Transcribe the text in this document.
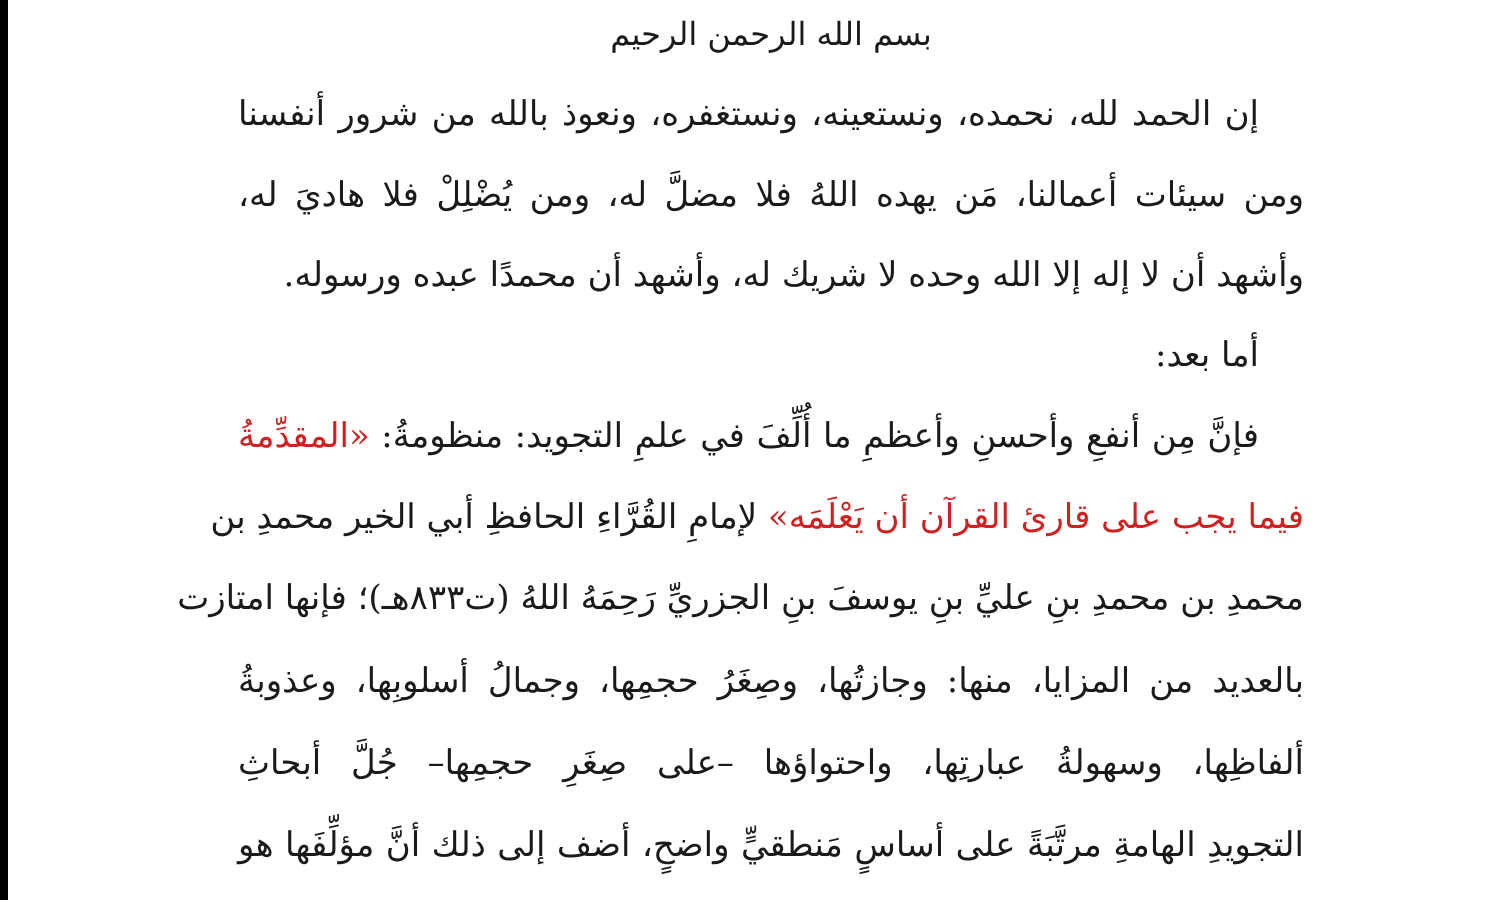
بسم الله الرحمن الرحيم
إن الحمد لله، نحمده، ونستعينه، ونستغفره، ونعوذ بالله من شرور أنفسنا
ومن سيئات أعمالنا، مَن يهده اللهُ فلا مضلَّ له، ومن يُضْلِلْ فلا هاديَ له،
وأشهد أن لا إله إلا الله وحده لا شريك له، وأشهد أن محمدًا عبده ورسوله.
أما بعد:
فإنَّ مِن أنفعِ وأحسنِ وأعظمِ ما أُلِّفَ في علمِ التجويد: منظومةُ: «المقدِّمةُ
فيما يجب على قارئ القرآن أن يَعْلَمَه» لإمامِ القُرَّاءِ الحافظِ أبي الخير محمدِ بن
محمدِ بن محمدِ بنِ عليِّ بنِ يوسفَ بنِ الجزريِّ رَحِمَهُ اللهُ (ت٨٣٣هـ)؛ فإنها امتازت
بالعديد من المزايا، منها: وجازتُها، وصِغَرُ حجمِها، وجمالُ أسلوبِها، وعذوبةُ
ألفاظِها، وسهولةُ عبارتِها، واحتواؤها –على صِغَرِ حجمِها– جُلَّ أبحاثِ
التجويدِ الهامةِ مرتَّبَةً على أساسٍ مَنطقيٍّ واضحٍ، أضف إلى ذلك أنَّ مؤلِّفَها هو
